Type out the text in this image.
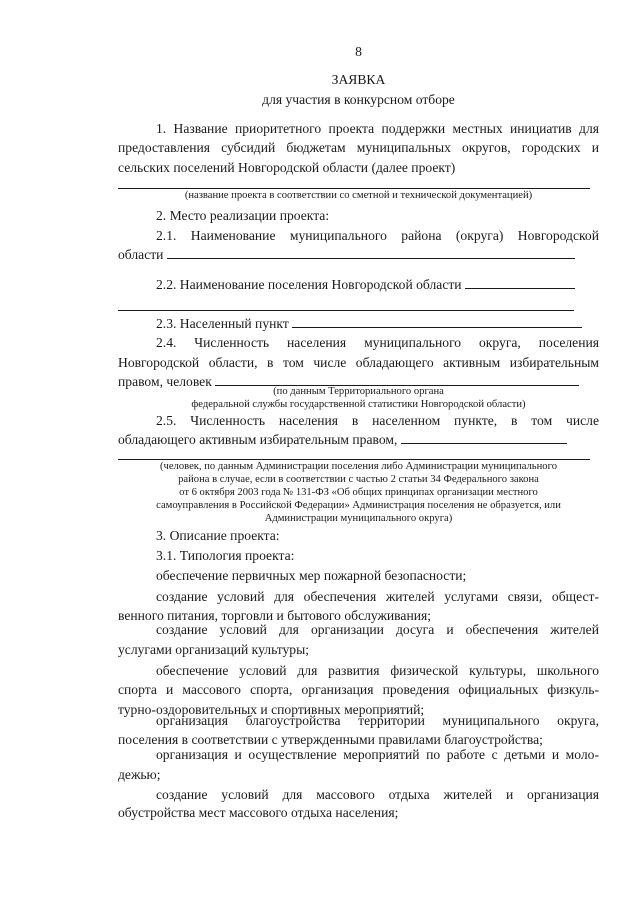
8

ЗАЯВКА

для участия в конкурсном отборе

1. Название приоритетного проекта поддержки местных инициатив для

предоставления субсидий бюджетам муниципальных округов, городских и

сельских поселений Новгородской области (далее проект)

(название проекта в соответствии со сметной и технической документацией)

2. Место реализации проекта:

2.1. Наименование муниципального района (округа) Новгородской

области

2.2. Наименование поселения Новгородской области

2.3. Населенный пункт

2.4. Численность населения муниципального округа, поселения

Новгородской области, в том числе обладающего активным избирательным

правом, человек

(по данным Территориального органа

федеральной службы государственной статистики Новгородской области)

2.5. Численность населения в населенном пункте, в том числе

обладающего активным избирательным правом,

(человек, по данным Администрации поселения либо Администрации муниципального

района в случае, если в соответствии с частью 2 статьи 34 Федерального закона

от 6 октября 2003 года № 131-ФЗ «Об общих принципах организации местного

самоуправления в Российской Федерации» Администрация поселения не образуется, или

Администрации муниципального округа)

3. Описание проекта:

3.1. Типология проекта:

обеспечение первичных мер пожарной безопасности;

создание условий для обеспечения жителей услугами связи, общест-

венного питания, торговли и бытового обслуживания;

создание условий для организации досуга и обеспечения жителей

услугами организаций культуры;

обеспечение условий для развития физической культуры, школьного

спорта и массового спорта, организация проведения официальных физкуль-

турно-оздоровительных и спортивных мероприятий;

организация благоустройства территории муниципального округа,

поселения в соответствии с утвержденными правилами благоустройства;

организация и осуществление мероприятий по работе с детьми и моло-

дежью;

создание условий для массового отдыха жителей и организация

обустройства мест массового отдыха населения;
